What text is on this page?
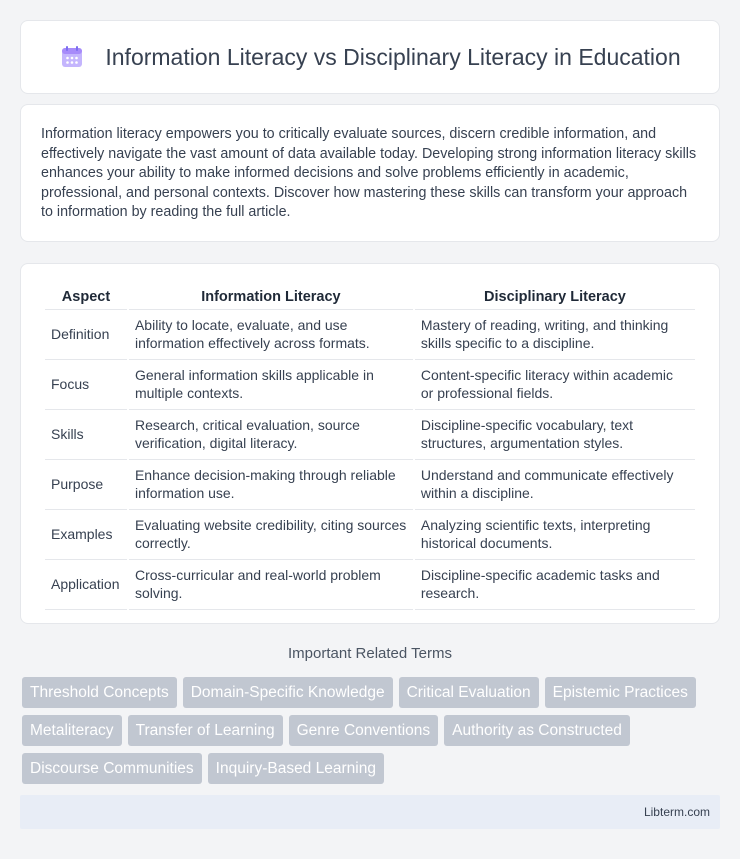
Information Literacy vs Disciplinary Literacy in Education

Information literacy empowers you to critically evaluate sources, discern credible information, and effectively navigate the vast amount of data available today. Developing strong information literacy skills enhances your ability to make informed decisions and solve problems efficiently in academic, professional, and personal contexts. Discover how mastering these skills can transform your approach to information by reading the full article.

Aspect	Information Literacy	Disciplinary Literacy
Definition	Ability to locate, evaluate, and use information effectively across formats.	Mastery of reading, writing, and thinking skills specific to a discipline.
Focus	General information skills applicable in multiple contexts.	Content-specific literacy within academic or professional fields.
Skills	Research, critical evaluation, source verification, digital literacy.	Discipline-specific vocabulary, text structures, argumentation styles.
Purpose	Enhance decision-making through reliable information use.	Understand and communicate effectively within a discipline.
Examples	Evaluating website credibility, citing sources correctly.	Analyzing scientific texts, interpreting historical documents.
Application	Cross-curricular and real-world problem solving.	Discipline-specific academic tasks and research.
Important Related Terms
Threshold Concepts	Domain-Specific Knowledge	Critical Evaluation	Epistemic Practices
Metaliteracy	Transfer of Learning	Genre Conventions	Authority as Constructed
Discourse Communities	Inquiry-Based Learning
Libterm.com
